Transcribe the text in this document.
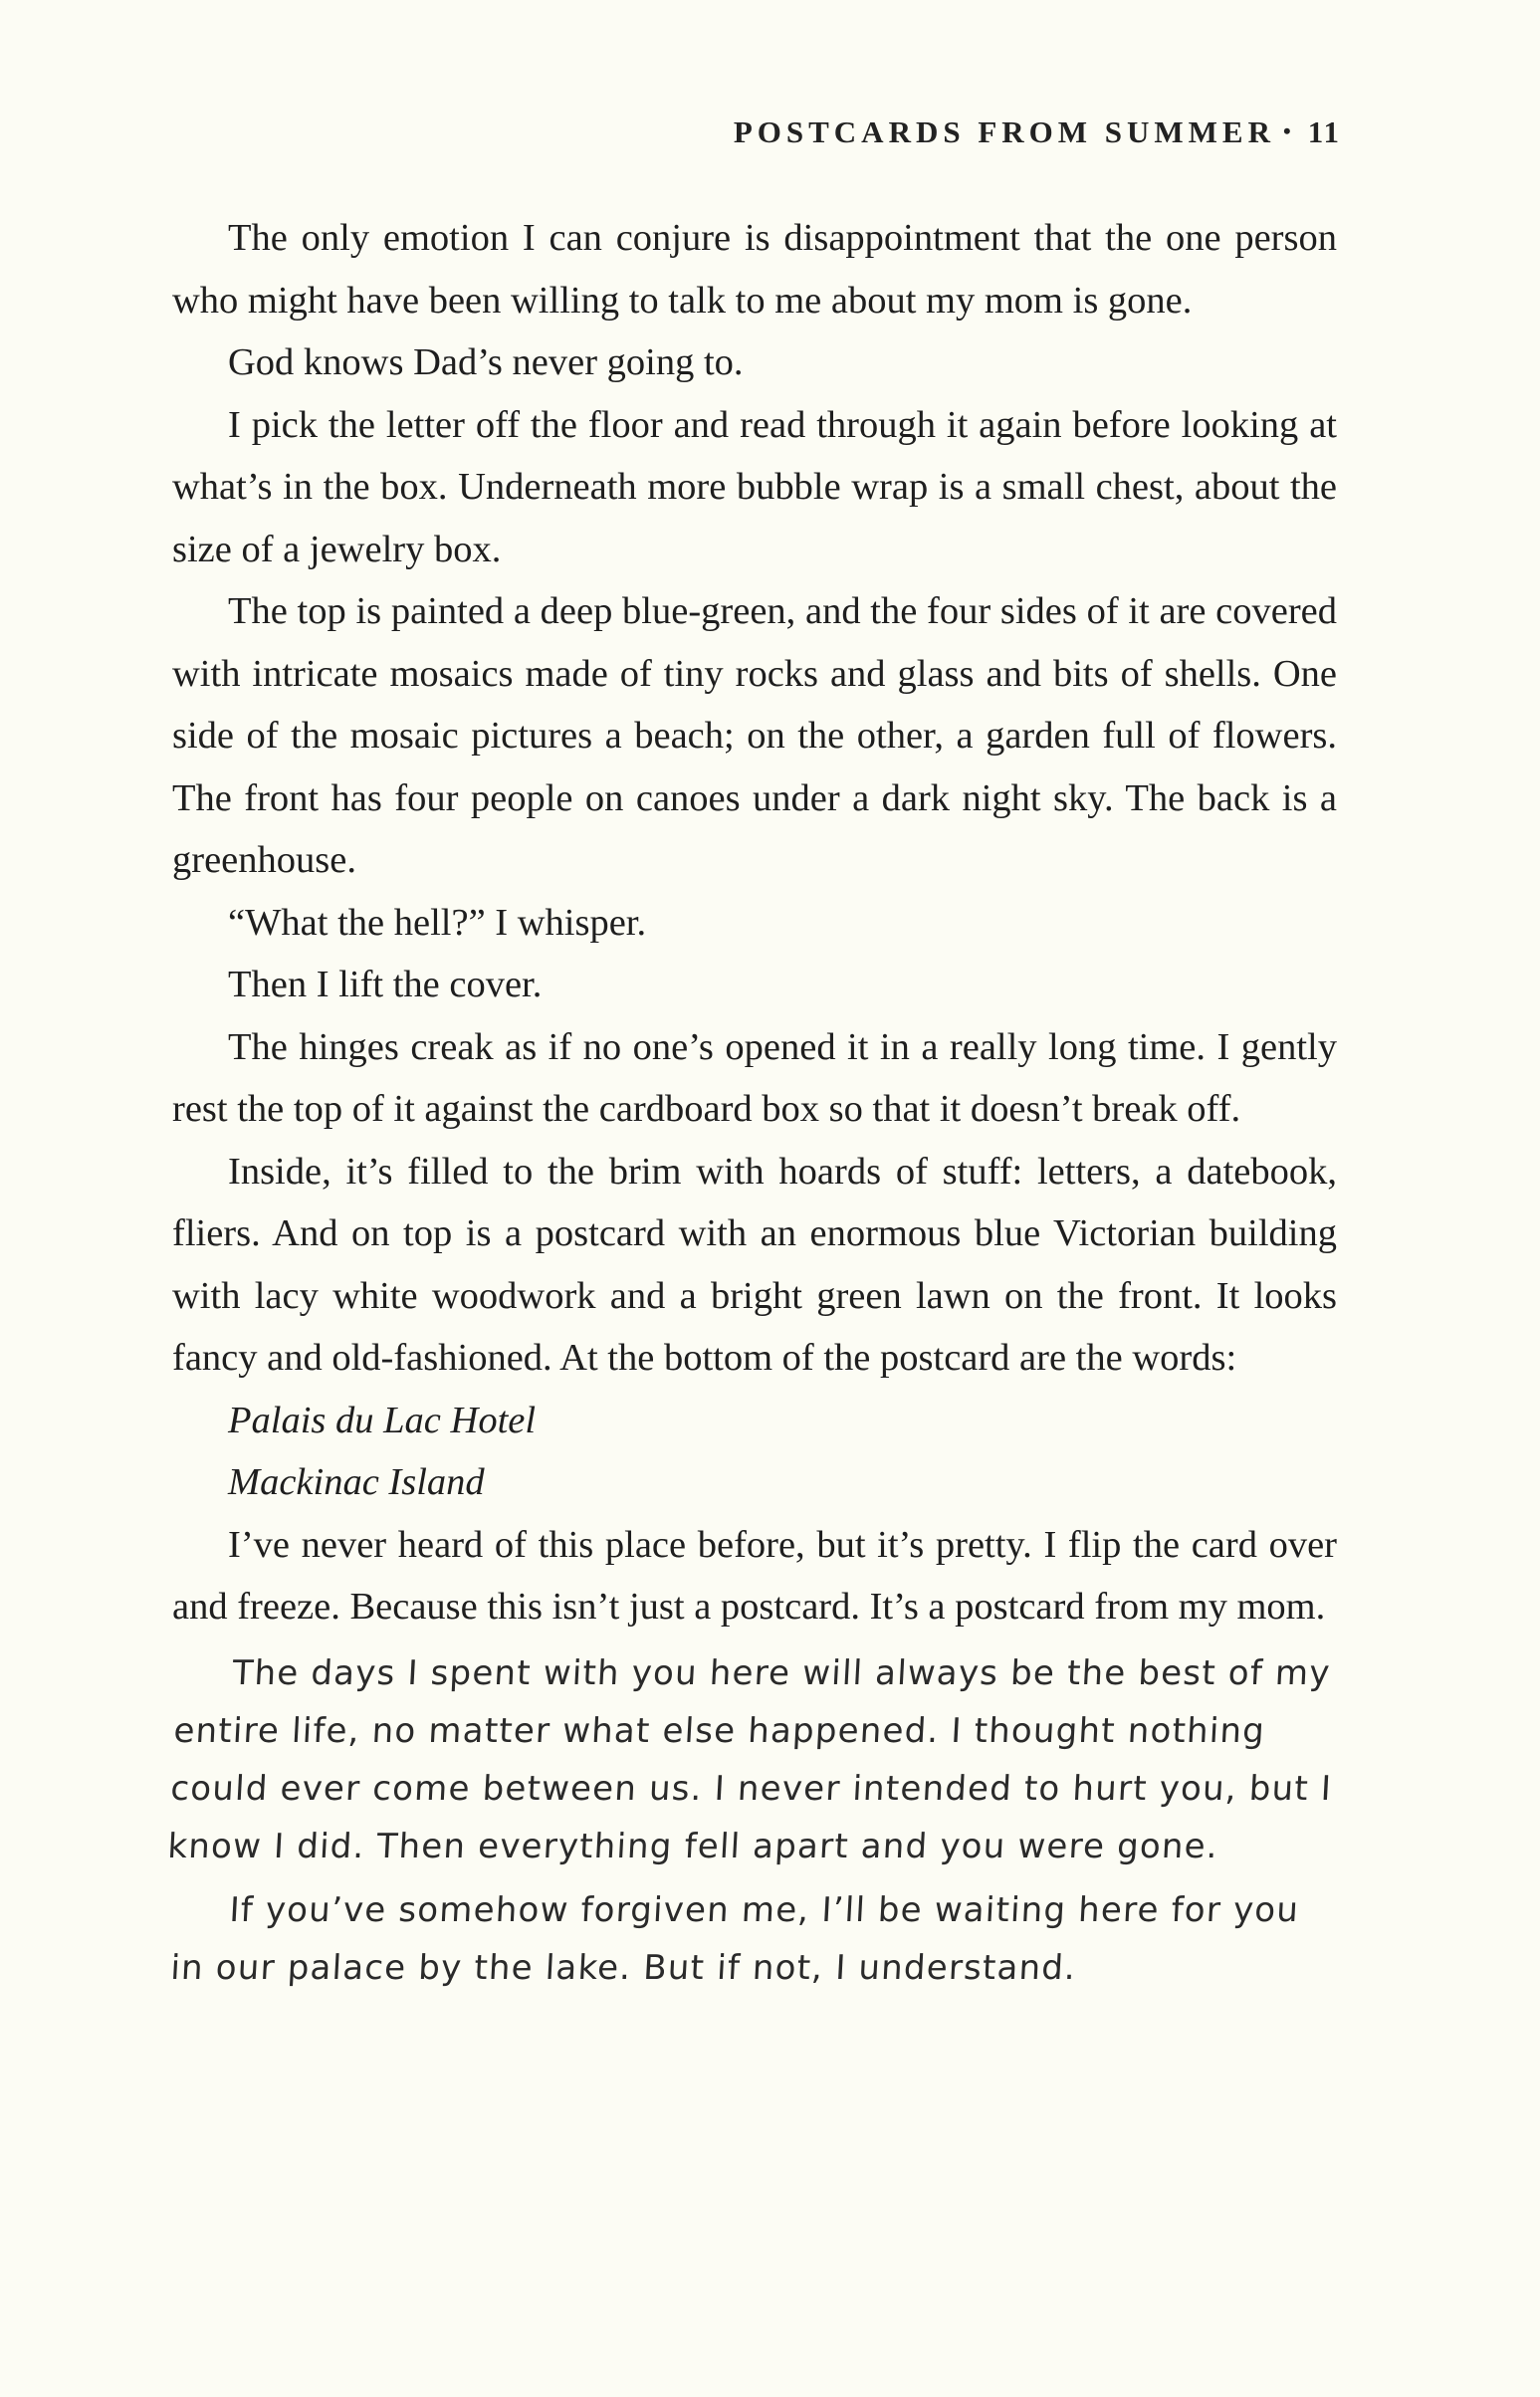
POSTCARDS FROM SUMMER • 11

The only emotion I can conjure is disappointment that the one person who might have been willing to talk to me about my mom is gone.

God knows Dad’s never going to.

I pick the letter off the floor and read through it again before looking at what’s in the box. Underneath more bubble wrap is a small chest, about the size of a jewelry box.

The top is painted a deep blue-green, and the four sides of it are covered with intricate mosaics made of tiny rocks and glass and bits of shells. One side of the mosaic pictures a beach; on the other, a garden full of flowers. The front has four people on canoes under a dark night sky. The back is a greenhouse.

“What the hell?” I whisper.

Then I lift the cover.

The hinges creak as if no one’s opened it in a really long time. I gently rest the top of it against the cardboard box so that it doesn’t break off.

Inside, it’s filled to the brim with hoards of stuff: letters, a datebook, fliers. And on top is a postcard with an enormous blue Victorian building with lacy white woodwork and a bright green lawn on the front. It looks fancy and old-fashioned. At the bottom of the postcard are the words:

Palais du Lac Hotel

Mackinac Island

I’ve never heard of this place before, but it’s pretty. I flip the card over and freeze. Because this isn’t just a postcard. It’s a postcard from my mom.

The days I spent with you here will always be the best of my entire life, no matter what else happened. I thought nothing could ever come between us. I never intended to hurt you, but I know I did. Then everything fell apart and you were gone.

If you’ve somehow forgiven me, I’ll be waiting here for you in our palace by the lake. But if not, I understand.
